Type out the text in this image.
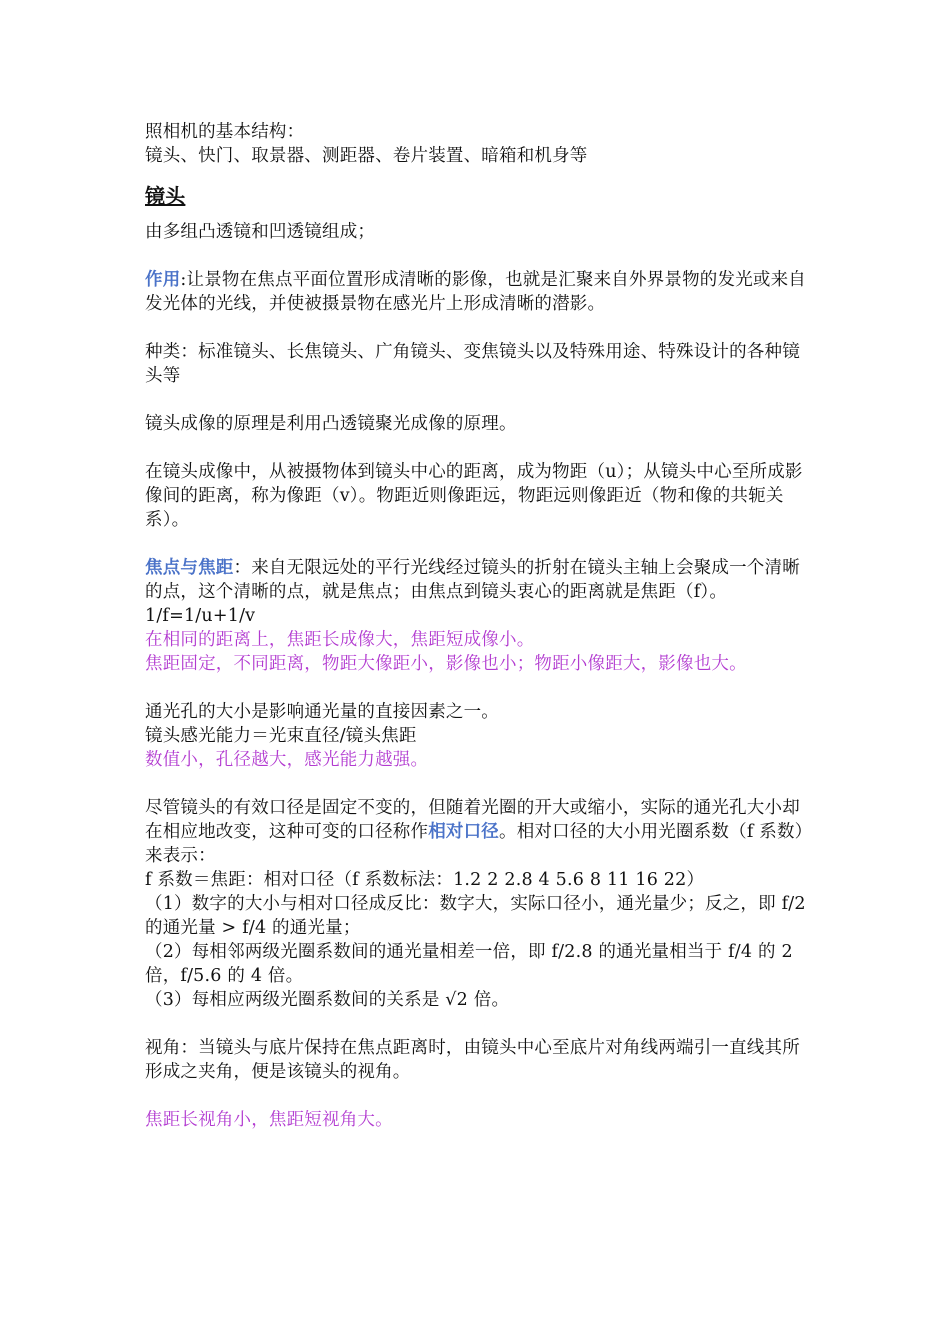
照相机的基本结构：

镜头、快门、取景器、测距器、卷片装置、暗箱和机身等

镜头

由多组凸透镜和凹透镜组成；

作用:让景物在焦点平面位置形成清晰的影像，也就是汇聚来自外界景物的发光或来自发光体的光线，并使被摄景物在感光片上形成清晰的潜影。

种类：标准镜头、长焦镜头、广角镜头、变焦镜头以及特殊用途、特殊设计的各种镜头等

镜头成像的原理是利用凸透镜聚光成像的原理。

在镜头成像中，从被摄物体到镜头中心的距离，成为物距（u）；从镜头中心至所成影像间的距离，称为像距（v）。物距近则像距远，物距远则像距近（物和像的共轭关系）。

焦点与焦距：来自无限远处的平行光线经过镜头的折射在镜头主轴上会聚成一个清晰的点，这个清晰的点，就是焦点；由焦点到镜头衷心的距离就是焦距（f）。

1/f=1/u+1/v

在相同的距离上，焦距长成像大，焦距短成像小。

焦距固定，不同距离，物距大像距小，影像也小；物距小像距大，影像也大。

通光孔的大小是影响通光量的直接因素之一。

镜头感光能力＝光束直径/镜头焦距

数值小，孔径越大，感光能力越强。

尽管镜头的有效口径是固定不变的，但随着光圈的开大或缩小，实际的通光孔大小却在相应地改变，这种可变的口径称作相对口径。相对口径的大小用光圈系数（f 系数）来表示：

f 系数＝焦距：相对口径（f 系数标法：1.2 2 2.8 4 5.6 8 11 16 22）

（1）数字的大小与相对口径成反比：数字大，实际口径小，通光量少；反之，即 f/2 的通光量 > f/4 的通光量；

（2）每相邻两级光圈系数间的通光量相差一倍，即 f/2.8 的通光量相当于 f/4 的 2 倍，f/5.6 的 4 倍。

（3）每相应两级光圈系数间的关系是 √2 倍。

视角：当镜头与底片保持在焦点距离时，由镜头中心至底片对角线两端引一直线其所形成之夹角，便是该镜头的视角。

焦距长视角小，焦距短视角大。
